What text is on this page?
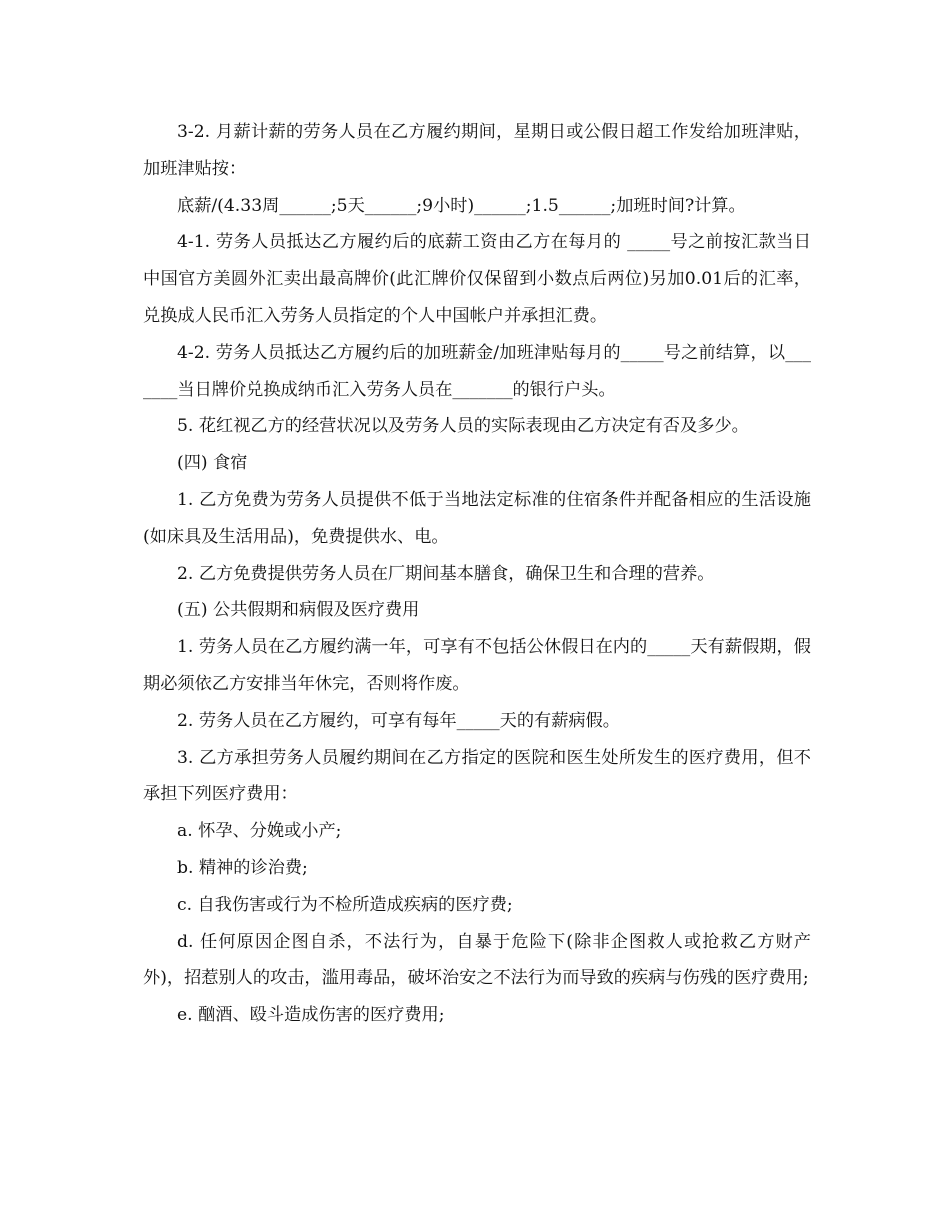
3-2. 月薪计薪的劳务人员在乙方履约期间，星期日或公假日超工作发给加班津贴，加班津贴按：

底薪/(4.33周______;5天______;9小时)______;1.5______;加班时间?计算。

4-1. 劳务人员抵达乙方履约后的底薪工资由乙方在每月的 _____号之前按汇款当日中国官方美圆外汇卖出最高牌价(此汇牌价仅保留到小数点后两位)另加0.01后的汇率，兑换成人民币汇入劳务人员指定的个人中国帐户并承担汇费。

4-2. 劳务人员抵达乙方履约后的加班薪金/加班津贴每月的_____号之前结算，以_______当日牌价兑换成纳币汇入劳务人员在_______的银行户头。

5. 花红视乙方的经营状况以及劳务人员的实际表现由乙方决定有否及多少。

(四) 食宿

1. 乙方免费为劳务人员提供不低于当地法定标准的住宿条件并配备相应的生活设施(如床具及生活用品)，免费提供水、电。

2. 乙方免费提供劳务人员在厂期间基本膳食，确保卫生和合理的营养。

(五) 公共假期和病假及医疗费用

1. 劳务人员在乙方履约满一年，可享有不包括公休假日在内的_____天有薪假期，假期必须依乙方安排当年休完，否则将作废。

2. 劳务人员在乙方履约，可享有每年_____天的有薪病假。

3. 乙方承担劳务人员履约期间在乙方指定的医院和医生处所发生的医疗费用，但不承担下列医疗费用：

a. 怀孕、分娩或小产;

b. 精神的诊治费;

c. 自我伤害或行为不检所造成疾病的医疗费;

d. 任何原因企图自杀，不法行为，自暴于危险下(除非企图救人或抢救乙方财产外)，招惹别人的攻击，滥用毒品，破坏治安之不法行为而导致的疾病与伤残的医疗费用;

e. 酗酒、殴斗造成伤害的医疗费用;
